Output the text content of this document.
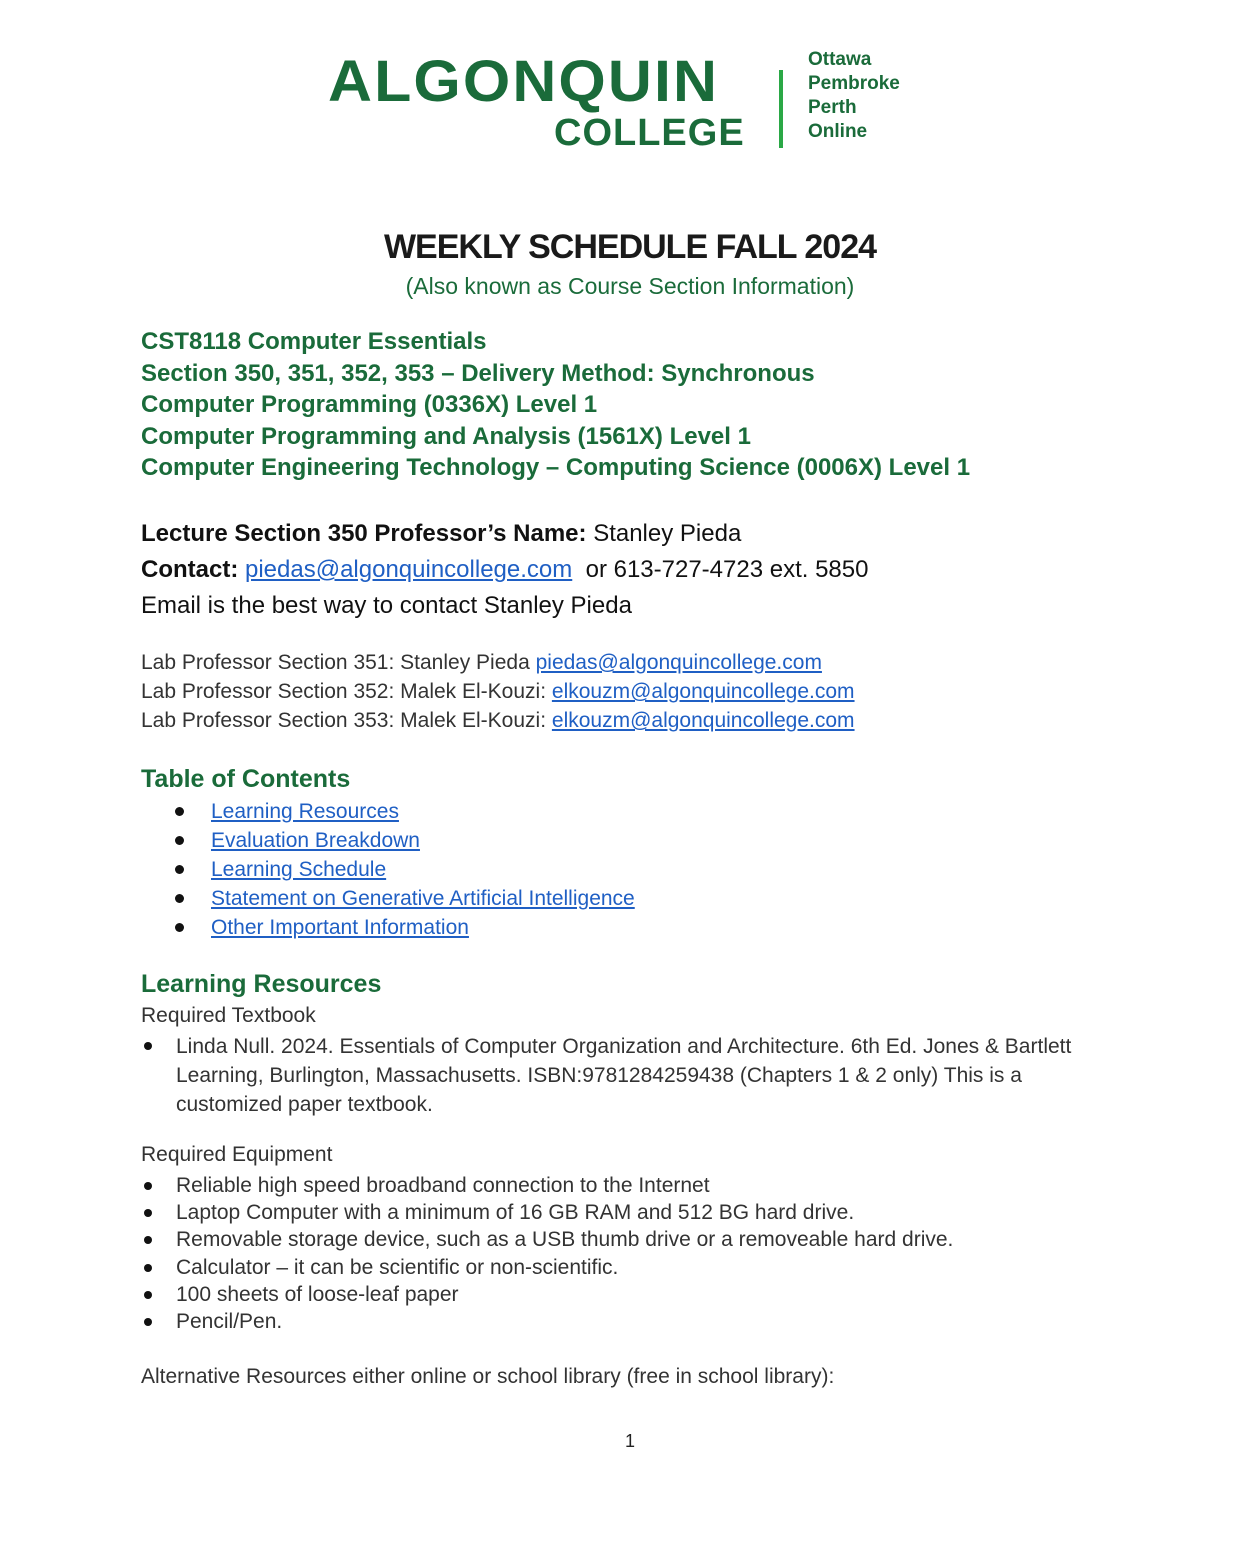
ALGONQUIN
COLLEGE
Ottawa
Pembroke
Perth
Online
WEEKLY SCHEDULE FALL 2024
(Also known as Course Section Information)
CST8118 Computer Essentials
Section 350, 351, 352, 353 – Delivery Method: Synchronous
Computer Programming (0336X) Level 1
Computer Programming and Analysis (1561X) Level 1
Computer Engineering Technology – Computing Science (0006X) Level 1
Lecture Section 350 Professor’s Name: Stanley Pieda
Contact: piedas@algonquincollege.com or 613-727-4723 ext. 5850
Email is the best way to contact Stanley Pieda
Lab Professor Section 351: Stanley Pieda piedas@algonquincollege.com
Lab Professor Section 352: Malek El-Kouzi: elkouzm@algonquincollege.com
Lab Professor Section 353: Malek El-Kouzi: elkouzm@algonquincollege.com
Table of Contents
Learning Resources
Evaluation Breakdown
Learning Schedule
Statement on Generative Artificial Intelligence
Other Important Information
Learning Resources
Required Textbook
Linda Null. 2024. Essentials of Computer Organization and Architecture. 6th Ed. Jones & Bartlett Learning, Burlington, Massachusetts. ISBN:9781284259438 (Chapters 1 & 2 only) This is a customized paper textbook.
Required Equipment
Reliable high speed broadband connection to the Internet
Laptop Computer with a minimum of 16 GB RAM and 512 BG hard drive.
Removable storage device, such as a USB thumb drive or a removeable hard drive.
Calculator – it can be scientific or non-scientific.
100 sheets of loose-leaf paper
Pencil/Pen.
Alternative Resources either online or school library (free in school library):
1
